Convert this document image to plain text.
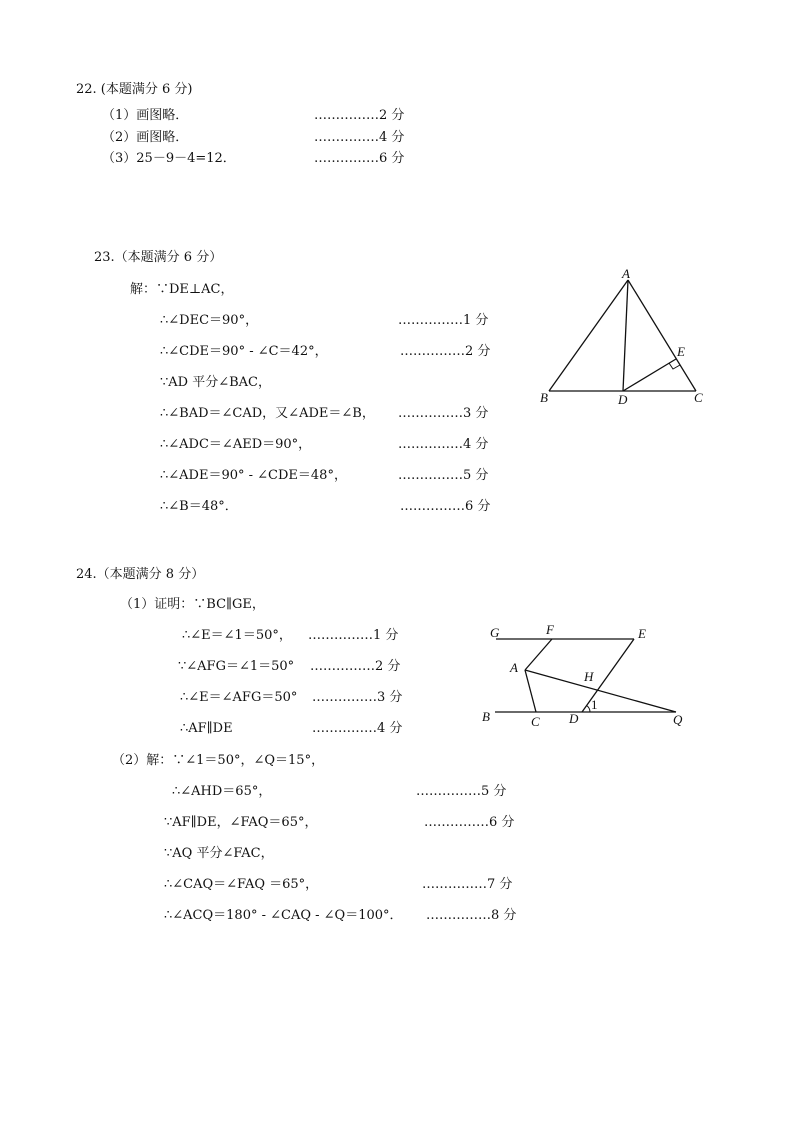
22. (本题满分 6 分)
（1）画图略．	……………2 分
（2）画图略．	……………4 分
（3）25－9－4=12．	……………6 分
23.（本题满分 6 分）
解：∵DE⊥AC，
∴∠DEC＝90°，	……………1 分
∴∠CDE＝90° - ∠C＝42°，	……………2 分
∵AD 平分∠BAC，
∴∠BAD＝∠CAD，又∠ADE＝∠B， ……………3 分
∴∠ADC＝∠AED＝90°，	……………4 分
∴∠ADE＝90° - ∠CDE＝48°，	……………5 分
∴∠B＝48°．	……………6 分
A
B	D	C
E
24.（本题满分 8 分）
（1）证明：∵BC∥GE，
∴∠E＝∠1＝50°， ……………1 分
∵∠AFG＝∠1＝50° ……………2 分
∴∠E＝∠AFG＝50° ……………3 分
∴AF∥DE	……………4 分
（2）解：∵∠1＝50°，∠Q＝15°，
∴∠AHD＝65°，	……………5 分
∵AF∥DE，∠FAQ＝65°，	……………6 分
∵AQ 平分∠FAC，
∴∠CAQ＝∠FAQ ＝65°，	……………7 分
∴∠ACQ＝180° - ∠CAQ - ∠Q＝100°． ……………8 分
G	F	E
A
H
B	C D
1
Q
